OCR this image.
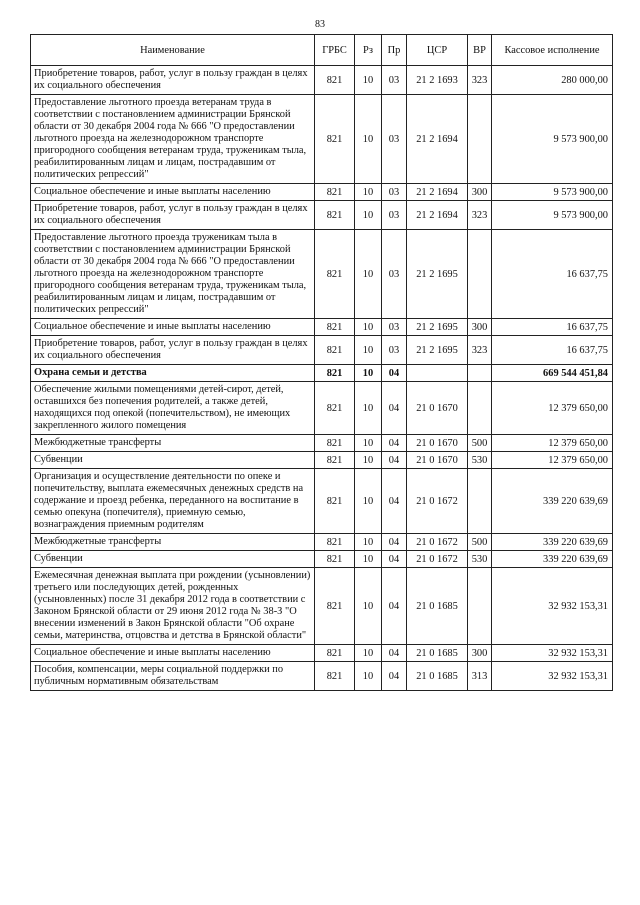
83
Наименование	ГРБС	Рз	Пр	ЦСР	ВР	Кассовое исполнение
Приобретение товаров, работ, услуг в пользу граждан в целях их социального обеспечения	821	10	03	21 2 1693	323	280 000,00
Предоставление льготного проезда ветеранам труда в соответствии с постановлением администрации Брянской области от 30 декабря 2004 года № 666 "О предоставлении льготного проезда на железнодорожном транспорте пригородного сообщения ветеранам труда, труженикам тыла, реабилитированным лицам и лицам, пострадавшим от политических репрессий"	821	10	03	21 2 1694		9 573 900,00
Социальное обеспечение и иные выплаты населению	821	10	03	21 2 1694	300	9 573 900,00
Приобретение товаров, работ, услуг в пользу граждан в целях их социального обеспечения	821	10	03	21 2 1694	323	9 573 900,00
Предоставление льготного проезда труженикам тыла в соответствии с постановлением администрации Брянской области от 30 декабря 2004 года № 666 "О предоставлении льготного проезда на железнодорожном транспорте пригородного сообщения ветеранам труда, труженикам тыла, реабилитированным лицам и лицам, пострадавшим от политических репрессий"	821	10	03	21 2 1695		16 637,75
Социальное обеспечение и иные выплаты населению	821	10	03	21 2 1695	300	16 637,75
Приобретение товаров, работ, услуг в пользу граждан в целях их социального обеспечения	821	10	03	21 2 1695	323	16 637,75
Охрана семьи и детства	821	10	04			669 544 451,84
Обеспечение жилыми помещениями детей-сирот, детей, оставшихся без попечения родителей, а также детей, находящихся под опекой (попечительством), не имеющих закрепленного жилого помещения	821	10	04	21 0 1670		12 379 650,00
Межбюджетные трансферты	821	10	04	21 0 1670	500	12 379 650,00
Субвенции	821	10	04	21 0 1670	530	12 379 650,00
Организация и осуществление деятельности по опеке и попечительству, выплата ежемесячных денежных средств на содержание и проезд ребенка, переданного на воспитание в семью опекуна (попечителя), приемную семью, вознаграждения приемным родителям	821	10	04	21 0 1672		339 220 639,69
Межбюджетные трансферты	821	10	04	21 0 1672	500	339 220 639,69
Субвенции	821	10	04	21 0 1672	530	339 220 639,69
Ежемесячная денежная выплата при рождении (усыновлении) третьего или последующих детей, рожденных (усыновленных) после 31 декабря 2012 года в соответствии с Законом Брянской области от 29 июня 2012 года № 38-З "О внесении изменений в Закон Брянской области "Об охране семьи, материнства, отцовства и детства в Брянской области"	821	10	04	21 0 1685		32 932 153,31
Социальное обеспечение и иные выплаты населению	821	10	04	21 0 1685	300	32 932 153,31
Пособия, компенсации, меры социальной поддержки по публичным нормативным обязательствам	821	10	04	21 0 1685	313	32 932 153,31
